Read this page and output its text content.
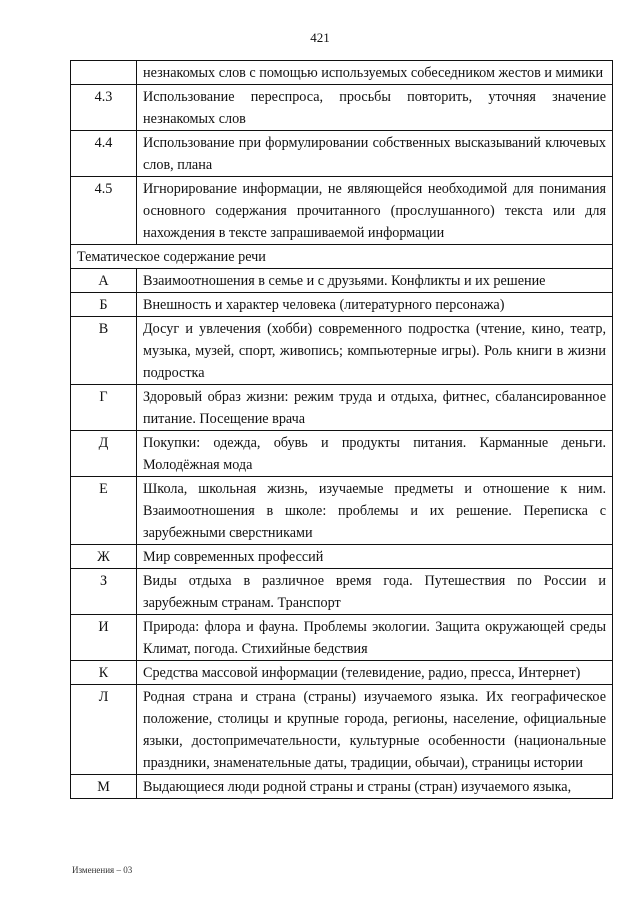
421
	незнакомых слов с помощью используемых собеседником жестов и мимики
4.3	Использование переспроса, просьбы повторить, уточняя значение незнакомых слов
4.4	Использование при формулировании собственных высказываний ключевых слов, плана
4.5	Игнорирование информации, не являющейся необходимой для понимания основного содержания прочитанного (прослушанного) текста или для нахождения в тексте запрашиваемой информации
Тематическое содержание речи	
А	Взаимоотношения в семье и с друзьями. Конфликты и их решение
Б	Внешность и характер человека (литературного персонажа)
В	Досуг и увлечения (хобби) современного подростка (чтение, кино, театр, музыка, музей, спорт, живопись; компьютерные игры). Роль книги в жизни подростка
Г	Здоровый образ жизни: режим труда и отдыха, фитнес, сбалансированное питание. Посещение врача
Д	Покупки: одежда, обувь и продукты питания. Карманные деньги. Молодёжная мода
Е	Школа, школьная жизнь, изучаемые предметы и отношение к ним. Взаимоотношения в школе: проблемы и их решение. Переписка с зарубежными сверстниками
Ж	Мир современных профессий
З	Виды отдыха в различное время года. Путешествия по России и зарубежным странам. Транспорт
И	Природа: флора и фауна. Проблемы экологии. Защита окружающей среды Климат, погода. Стихийные бедствия
К	Средства массовой информации (телевидение, радио, пресса, Интернет)
Л	Родная страна и страна (страны) изучаемого языка. Их географическое положение, столицы и крупные города, регионы, население, официальные языки, достопримечательности, культурные особенности (национальные праздники, знаменательные даты, традиции, обычаи), страницы истории
М	Выдающиеся люди родной страны и страны (стран) изучаемого языка,
Изменения – 03
